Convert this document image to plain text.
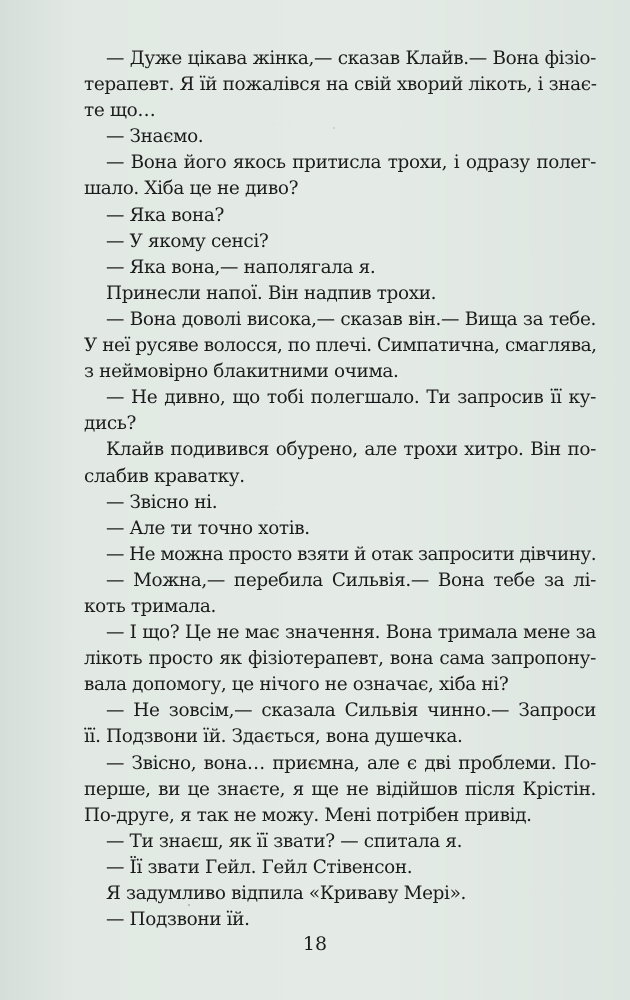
— Дуже цікава жінка,— сказав Клайв.— Вона фізіо-
терапевт. Я їй пожалівся на свій хворий лікоть, і знає-
те що…
— Знаємо.
— Вона його якось притисла трохи, і одразу полег-
шало. Хіба це не диво?
— Яка вона?
— У якому сенсі?
— Яка вона,— наполягала я.
Принесли напої. Він надпив трохи.
— Вона доволі висока,— сказав він.— Вища за тебе.
У неї русяве волосся, по плечі. Симпатична, смаглява,
з неймовірно блакитними очима.
— Не дивно, що тобі полегшало. Ти запросив її ку-
дись?
Клайв подивився обурено, але трохи хитро. Він по-
слабив краватку.
— Звісно ні.
— Але ти точно хотів.
— Не можна просто взяти й отак запросити дівчину.
— Можна,— перебила Сильвія.— Вона тебе за лі-
коть тримала.
— І що? Це не має значення. Вона тримала мене за
лікоть просто як фізіотерапевт, вона сама запропону-
вала допомогу, це нічого не означає, хіба ні?
— Не зовсім,— сказала Сильвія чинно.— Запроси
її. Подзвони їй. Здається, вона душечка.
— Звісно, вона… приємна, але є дві проблеми. По-
перше, ви це знаєте, я ще не відійшов після Крістін.
По-друге, я так не можу. Мені потрібен привід.
— Ти знаєш, як її звати? — спитала я.
— Її звати Гейл. Гейл Стівенсон.
Я задумливо відпила «Криваву Мері».
— Подзвони їй.
18
